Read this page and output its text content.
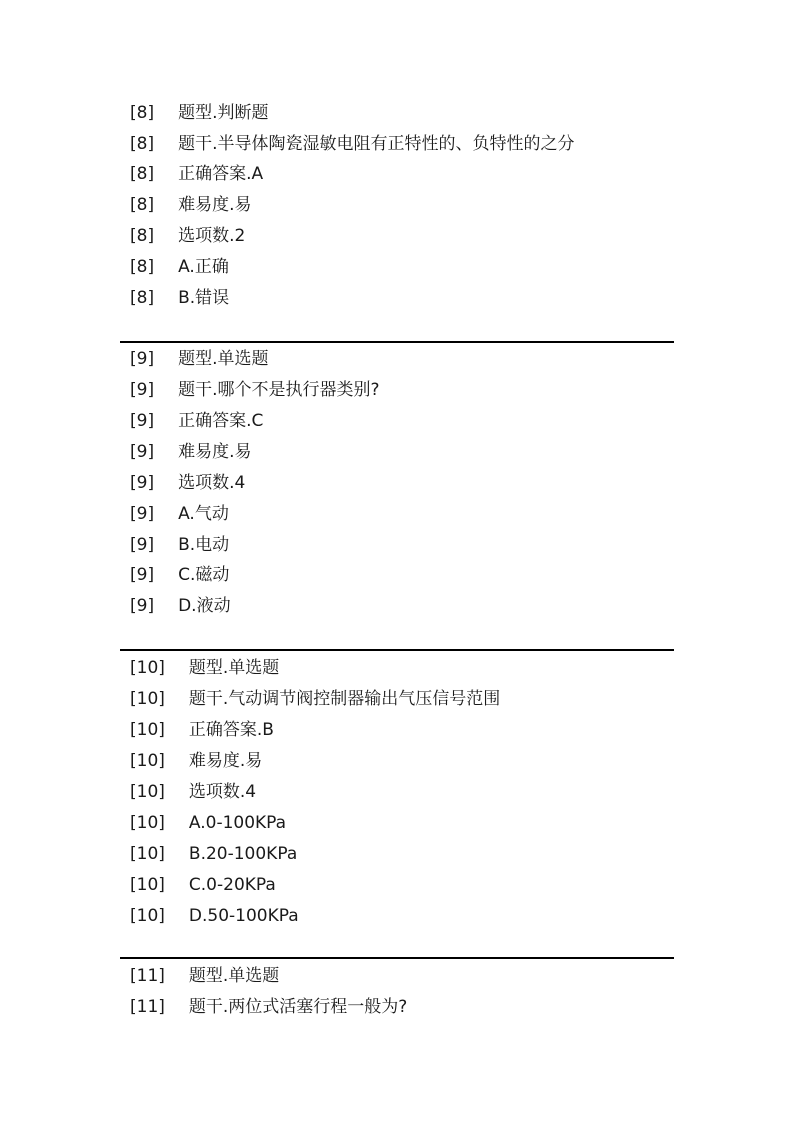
[8] 题型.判断题
[8] 题干.半导体陶瓷湿敏电阻有正特性的、负特性的之分
[8] 正确答案.A
[8] 难易度.易
[8] 选项数.2
[8] A.正确
[8] B.错误
[9] 题型.单选题
[9] 题干.哪个不是执行器类别?
[9] 正确答案.C
[9] 难易度.易
[9] 选项数.4
[9] A.气动
[9] B.电动
[9] C.磁动
[9] D.液动
[10] 题型.单选题
[10] 题干.气动调节阀控制器输出气压信号范围
[10] 正确答案.B
[10] 难易度.易
[10] 选项数.4
[10] A.0-100KPa
[10] B.20-100KPa
[10] C.0-20KPa
[10] D.50-100KPa
[11] 题型.单选题
[11] 题干.两位式活塞行程一般为?
